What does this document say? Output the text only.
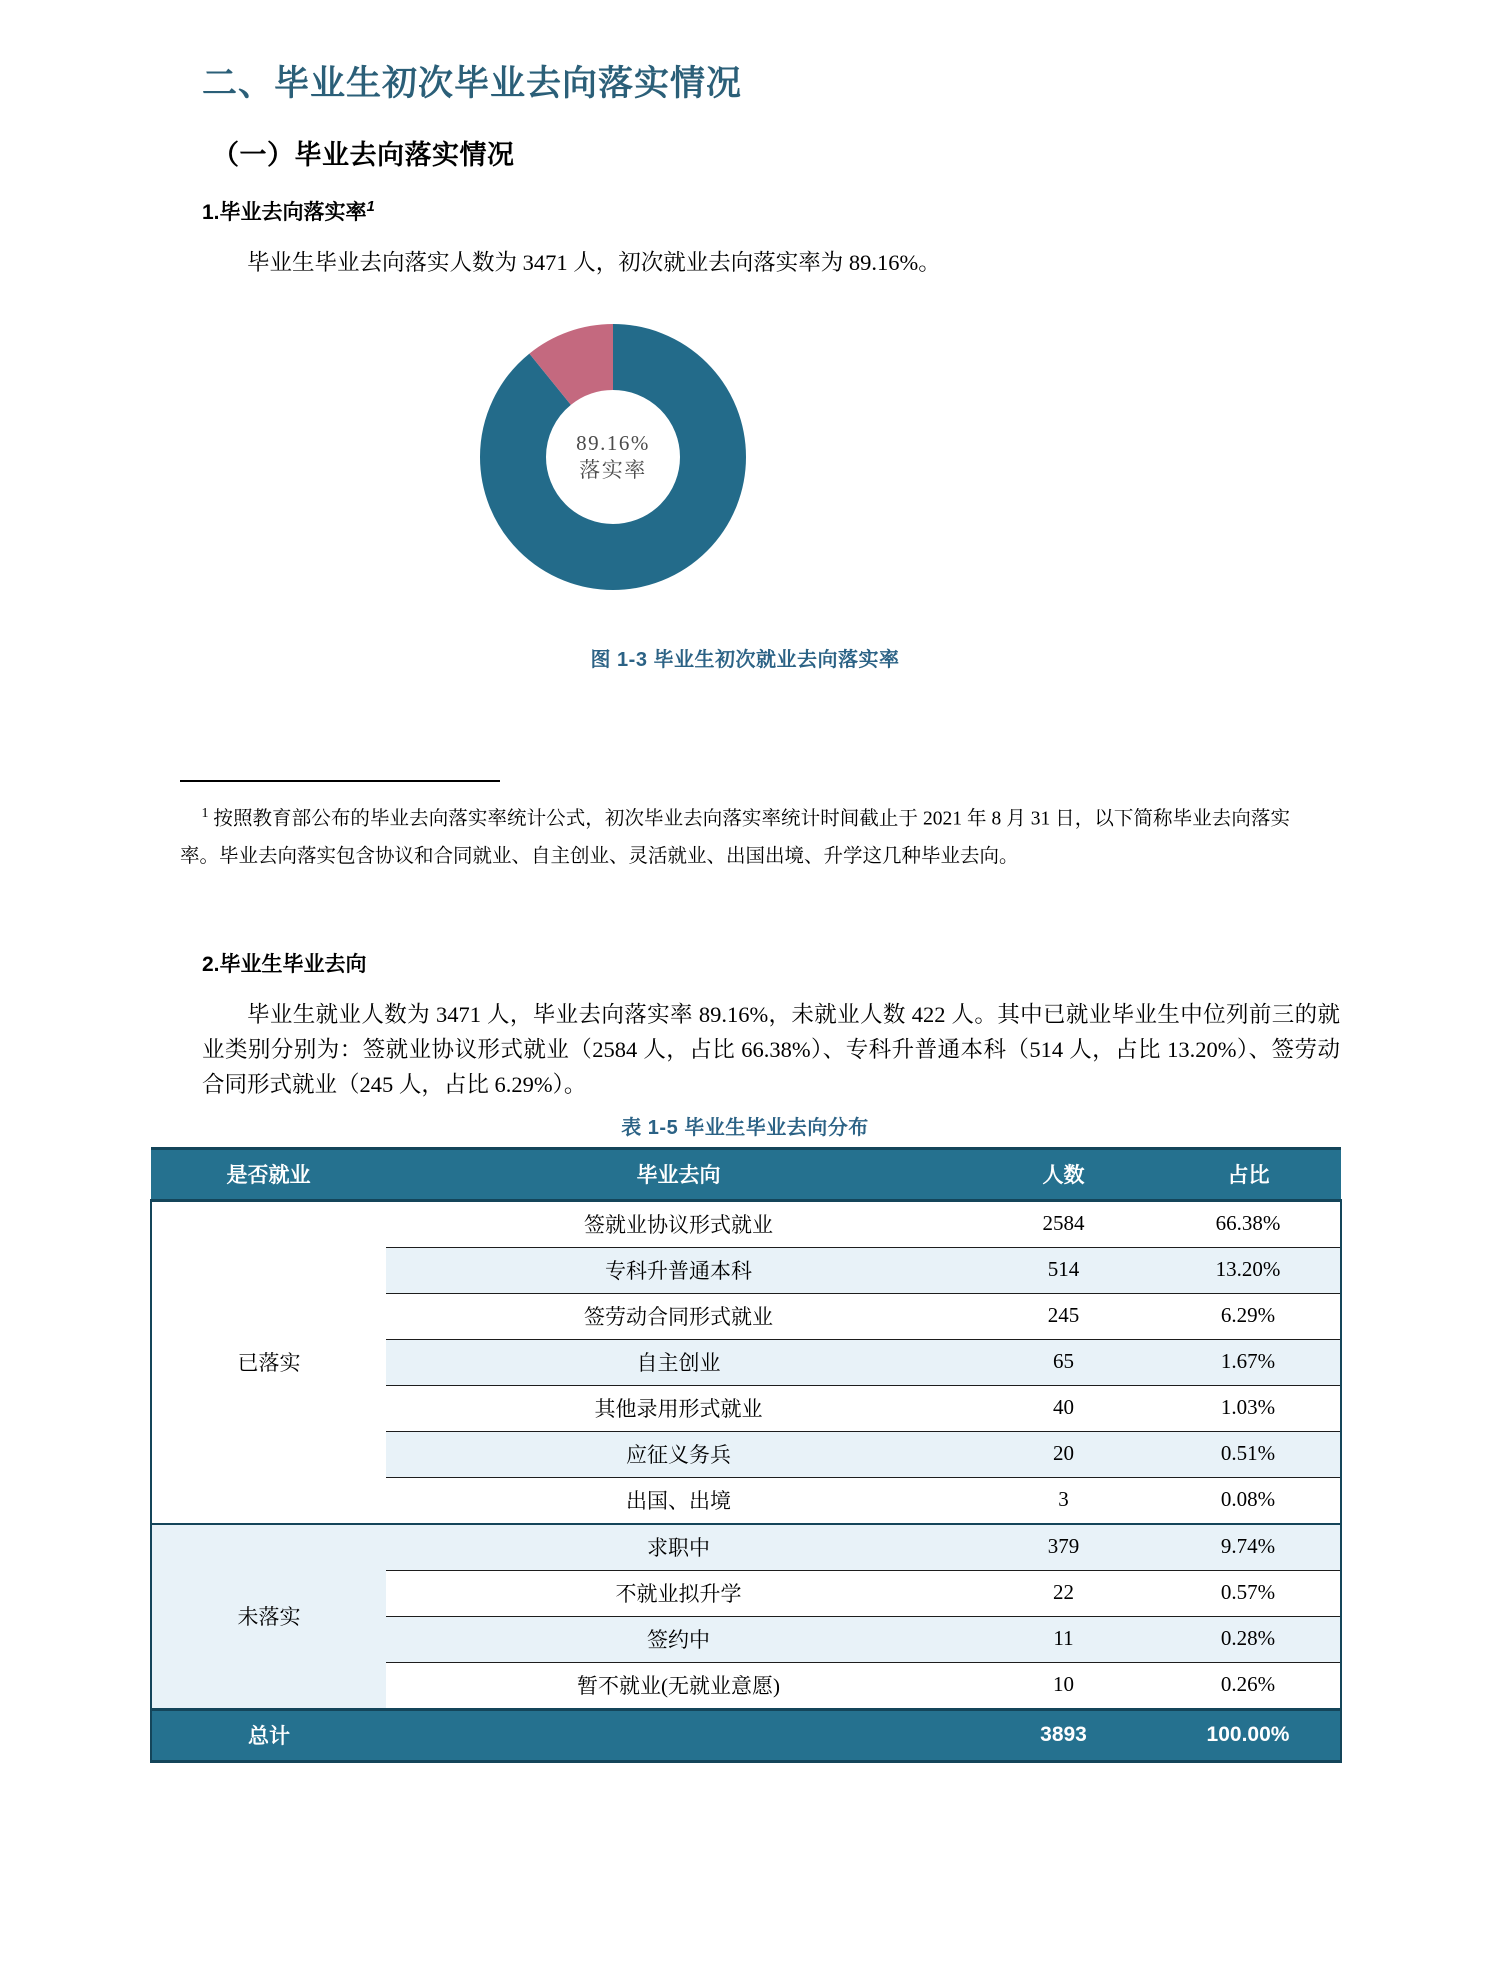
二、毕业生初次毕业去向落实情况
（一）毕业去向落实情况
1.毕业去向落实率$^1$
毕业生毕业去向落实人数为 3471 人，初次就业去向落实率为 89.16%。
89.16%
落实率
图 1-3 毕业生初次就业去向落实率
$^1$ 按照教育部公布的毕业去向落实率统计公式，初次毕业去向落实率统计时间截止于 2021 年 8 月 31 日，以下简称毕业去向落实率。毕业去向落实包含协议和合同就业、自主创业、灵活就业、出国出境、升学这几种毕业去向。
2.毕业生毕业去向
毕业生就业人数为 3471 人，毕业去向落实率 89.16%，未就业人数 422 人。其中已就业毕业生中位列前三的就业类别分别为：签就业协议形式就业（2584 人，占比 66.38%）、专科升普通本科（514 人，占比 13.20%）、签劳动合同形式就业（245 人，占比 6.29%）。
表 1-5 毕业生毕业去向分布
是否就业	毕业去向	人数	占比
已落实	签就业协议形式就业	2584	66.38%
	专科升普通本科	514	13.20%
	签劳动合同形式就业	245	6.29%
	自主创业	65	1.67%
	其他录用形式就业	40	1.03%
	应征义务兵	20	0.51%
	出国、出境	3	0.08%
未落实	求职中	379	9.74%
	不就业拟升学	22	0.57%
	签约中	11	0.28%
	暂不就业(无就业意愿)	10	0.26%
总计		3893	100.00%
